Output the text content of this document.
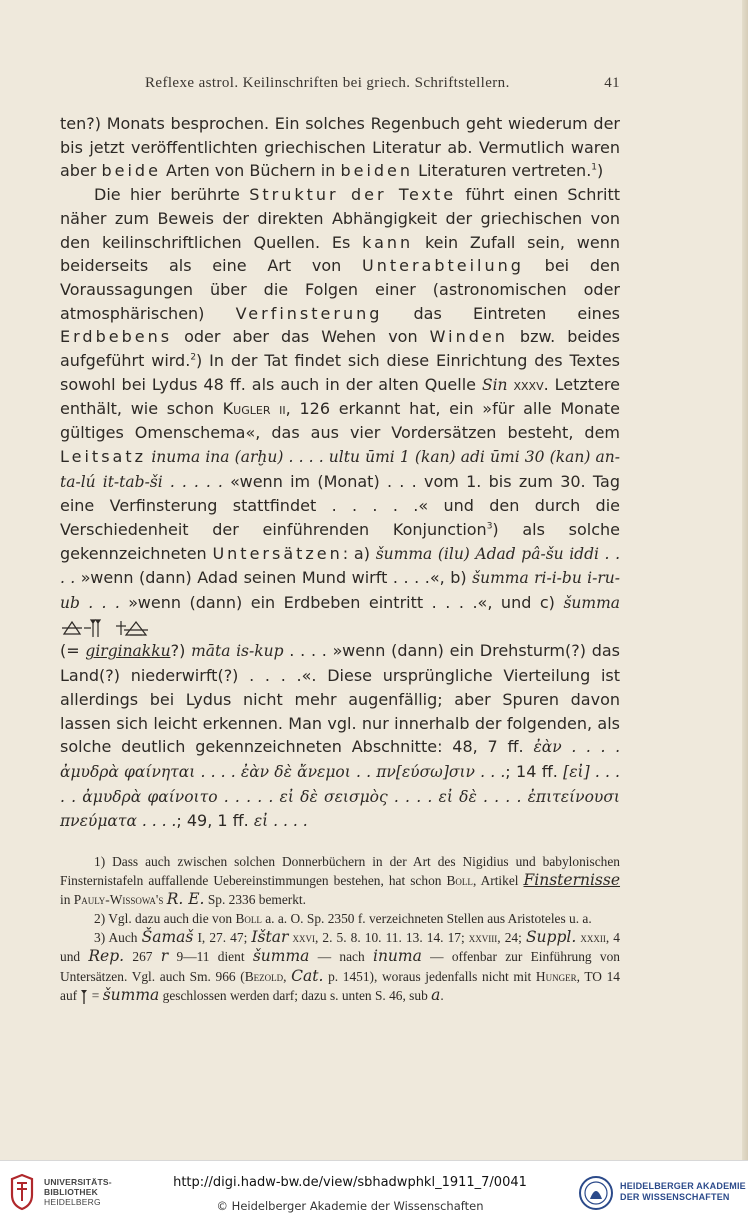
Reflexe astrol. Keilinschriften bei griech. Schriftstellern.	41

ten?) Monats besprochen. Ein solches Regenbuch geht wiederum der bis jetzt veröffentlichten griechischen Literatur ab. Vermutlich waren aber beide Arten von Büchern in beiden Literaturen vertreten.$^1$)

Die hier berührte Struktur der Texte führt einen Schritt näher zum Beweis der direkten Abhängigkeit der griechischen von den keilinschriftlichen Quellen. Es kann kein Zufall sein, wenn beiderseits als eine Art von Unterabteilung bei den Voraussagungen über die Folgen einer (astronomischen oder atmosphärischen) Verfinsterung das Eintreten eines Erdbebens oder aber das Wehen von Winden bzw. beides aufgeführt wird.$^2$) In der Tat findet sich diese Einrichtung des Textes sowohl bei Lydus 48 ff. als auch in der alten Quelle Sin xxxv. Letztere enthält, wie schon Kugler ii, 126 erkannt hat, ein »für alle Monate gültiges Omenschema«, das aus vier Vordersätzen besteht, dem Leitsatz inuma ina (arḫu) . . . . ultu ūmi 1 (kan) adi ūmi 30 (kan) an-ta-lú it-tab-ši . . . . . «wenn im (Monat) . . . vom 1. bis zum 30. Tag eine Verfinsterung stattfindet . . . . .« und den durch die Verschiedenheit der einführenden Konjunction$^3$) als solche gekennzeichneten Untersätzen: a) šumma (ilu) Adad pâ-šu iddi . . . . »wenn (dann) Adad seinen Mund wirft . . . .«, b) šumma ri-i-bu i-ru-ub . . . »wenn (dann) ein Erdbeben eintritt . . . .«, und c) šumma
(= girginakku?) māta is-kup . . . . »wenn (dann) ein Drehsturm(?) das Land(?) niederwirft(?) . . . .«. Diese ursprüngliche Vierteilung ist allerdings bei Lydus nicht mehr augenfällig; aber Spuren davon lassen sich leicht erkennen. Man vgl. nur innerhalb der folgenden, als solche deutlich gekennzeichneten Abschnitte: 48, 7 ff. ἐὰν . . . . ἀμυδρὰ φαίνηται . . . . ἐὰν δὲ ἄνεμοι . . πν[εύσω]σιν . . .; 14 ff. [εἰ] . . . . . ἀμυδρὰ φαίνοιτο . . . . . εἰ δὲ σεισμὸς . . . . εἰ δὲ . . . . ἐπιτείνουσι πνεύματα . . . .; 49, 1 ff. εἰ . . . .

1) Dass auch zwischen solchen Donnerbüchern in der Art des Nigidius und babylonischen Finsternistafeln auffallende Uebereinstimmungen bestehen, hat schon Boll, Artikel Finsternisse in Pauly-Wissowa's R. E. Sp. 2336 bemerkt.

2) Vgl. dazu auch die von Boll a. a. O. Sp. 2350 f. verzeichneten Stellen aus Aristoteles u. a.

3) Auch Šamaš I, 27. 47; Ištar xxvi, 2. 5. 8. 10. 11. 13. 14. 17; xxviii, 24; Suppl. xxxii, 4 und Rep. 267 r 9—11 dient šumma — nach inuma — offenbar zur Einführung von Untersätzen. Vgl. auch Sm. 966 (Bezold, Cat. p. 1451), woraus jedenfalls nicht mit Hunger, TO 14 auf  = šumma geschlossen werden darf; dazu s. unten S. 46, sub a.

UNIVERSITÄTS-
BIBLIOTHEK
HEIDELBERG
http://digi.hadw-bw.de/view/sbhadwphkl_1911_7/0041
© Heidelberger Akademie der Wissenschaften
HEIDELBERGER AKADEMIE
DER WISSENSCHAFTEN
